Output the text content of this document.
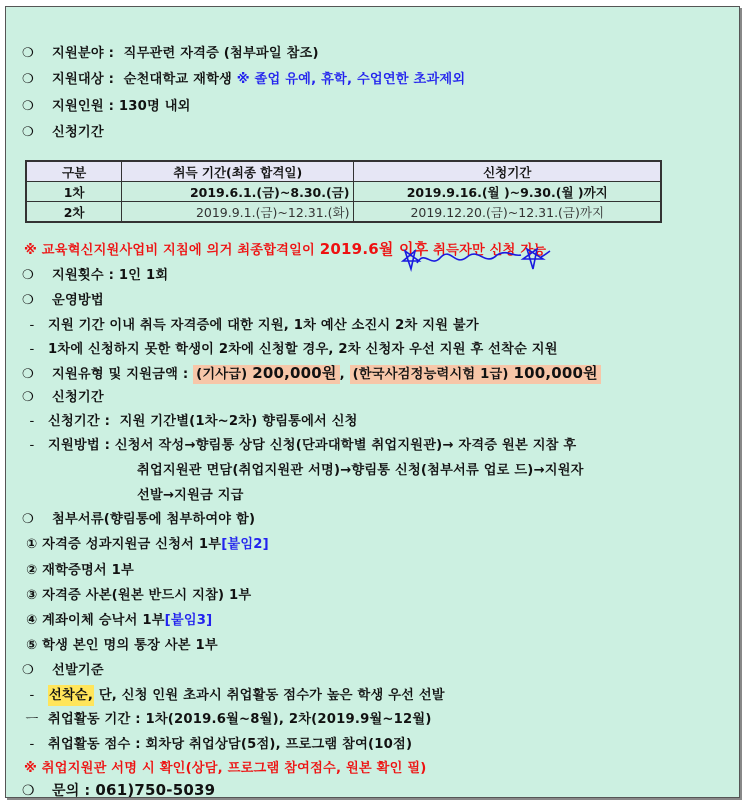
❍ 지원분야 : 직무관련 자격증 (첨부파일 참조)
❍ 지원대상 : 순천대학교 재학생 ※ 졸업 유예, 휴학, 수업연한 초과제외
❍ 지원인원 : 130명 내외
❍ 신청기간
구분	취득 기간(최종 합격일)	신청기간
1차	2019.6.1.(금)~8.30.(금)	2019.9.16.(월 )~9.30.(월 )까지
2차	2019.9.1.(금)~12.31.(화)	2019.12.20.(금)~12.31.(금)까지
※ 교육혁신지원사업비 지침에 의거 최종합격일이 2019.6월 이후 취득자만 신청 가능
❍ 지원횟수 : 1인 1회
❍ 운영방법
- 지원 기간 이내 취득 자격증에 대한 지원, 1차 예산 소진시 2차 지원 불가
- 1차에 신청하지 못한 학생이 2차에 신청할 경우, 2차 신청자 우선 지원 후 선착순 지원
❍ 지원유형 및 지원금액 : (기사급) 200,000원 , (한국사검정능력시험 1급) 100,000원
❍ 신청기간
- 신청기간 : 지원 기간별(1차~2차) 향림통에서 신청
- 지원방법 : 신청서 작성→향림통 상담 신청(단과대학별 취업지원관)→ 자격증 원본 지참 후
취업지원관 면담(취업지원관 서명)→향림통 신청(첨부서류 업로 드)→지원자
선발→지원금 지급
❍ 첨부서류(향림통에 첨부하여야 함)
① 자격증 성과지원금 신청서 1부[붙임2]
② 재학증명서 1부
③ 자격증 사본(원본 반드시 지참) 1부
④ 계좌이체 승낙서 1부[붙임3]
⑤ 학생 본인 명의 통장 사본 1부
❍ 선발기준
- 선착순, 단, 신청 인원 초과시 취업활동 점수가 높은 학생 우선 선발
ㅡ 취업활동 기간 : 1차(2019.6월~8월), 2차(2019.9월~12월)
- 취업활동 점수 : 회차당 취업상담(5점), 프로그램 참여(10점)
※ 취업지원관 서명 시 확인(상담, 프로그램 참여점수, 원본 확인 필)
❍ 문의 : 061)750-5039
